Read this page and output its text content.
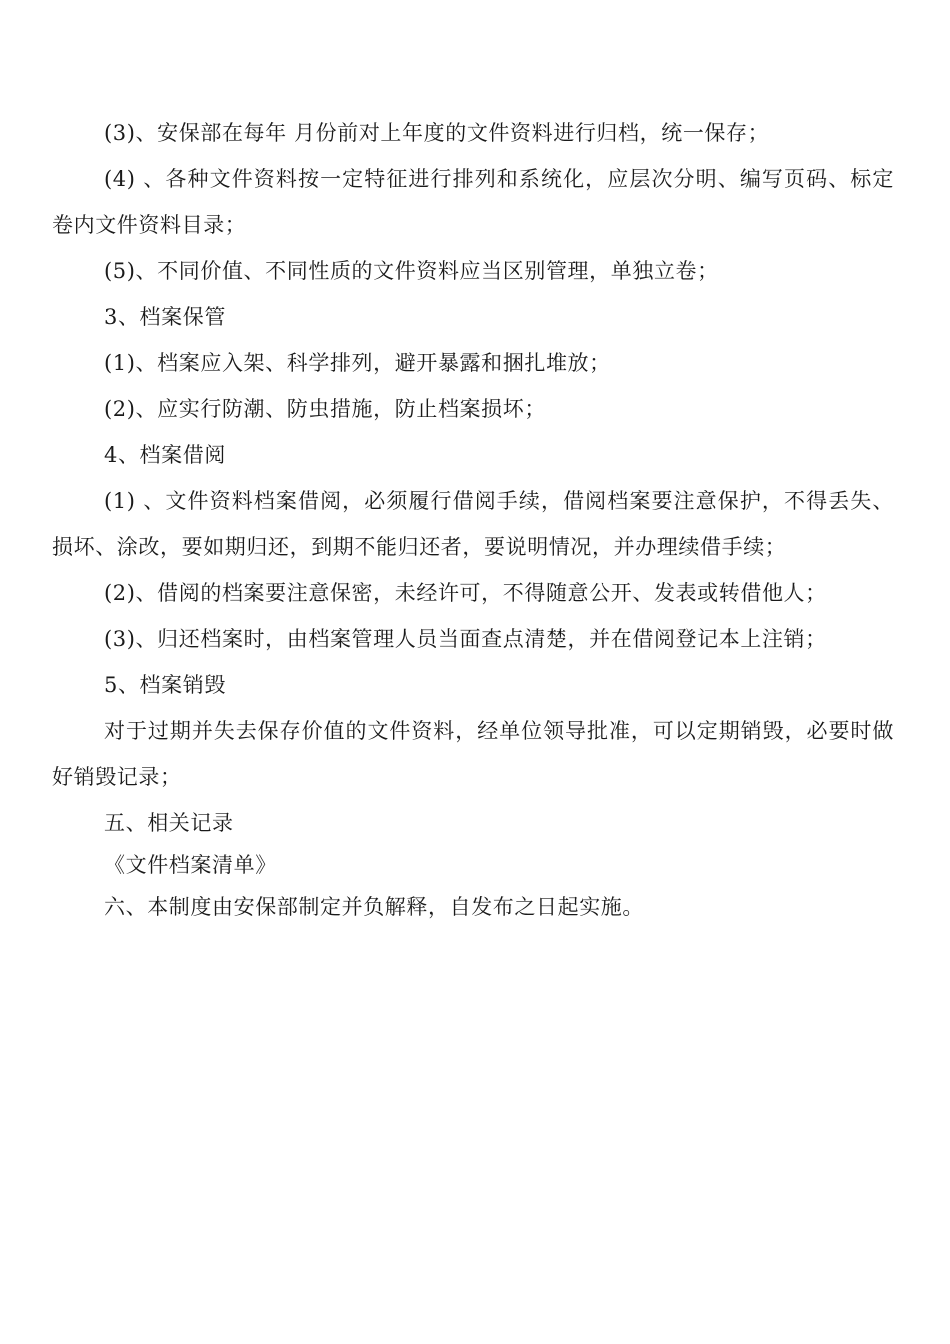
(3)、安保部在每年 月份前对上年度的文件资料进行归档，统一保存；

(4) 、各种文件资料按一定特征进行排列和系统化，应层次分明、编写页码、标定卷内文件资料目录；

(5)、不同价值、不同性质的文件资料应当区别管理，单独立卷；

3、档案保管

(1)、档案应入架、科学排列，避开暴露和捆扎堆放；

(2)、应实行防潮、防虫措施，防止档案损坏；

4、档案借阅

(1) 、文件资料档案借阅，必须履行借阅手续，借阅档案要注意保护，不得丢失、损坏、涂改，要如期归还，到期不能归还者，要说明情况，并办理续借手续；

(2)、借阅的档案要注意保密，未经许可，不得随意公开、发表或转借他人；

(3)、归还档案时，由档案管理人员当面查点清楚，并在借阅登记本上注销；

5、档案销毁

对于过期并失去保存价值的文件资料，经单位领导批准，可以定期销毁，必要时做好销毁记录；

五、相关记录

《文件档案清单》

六、本制度由安保部制定并负解释，自发布之日起实施。
